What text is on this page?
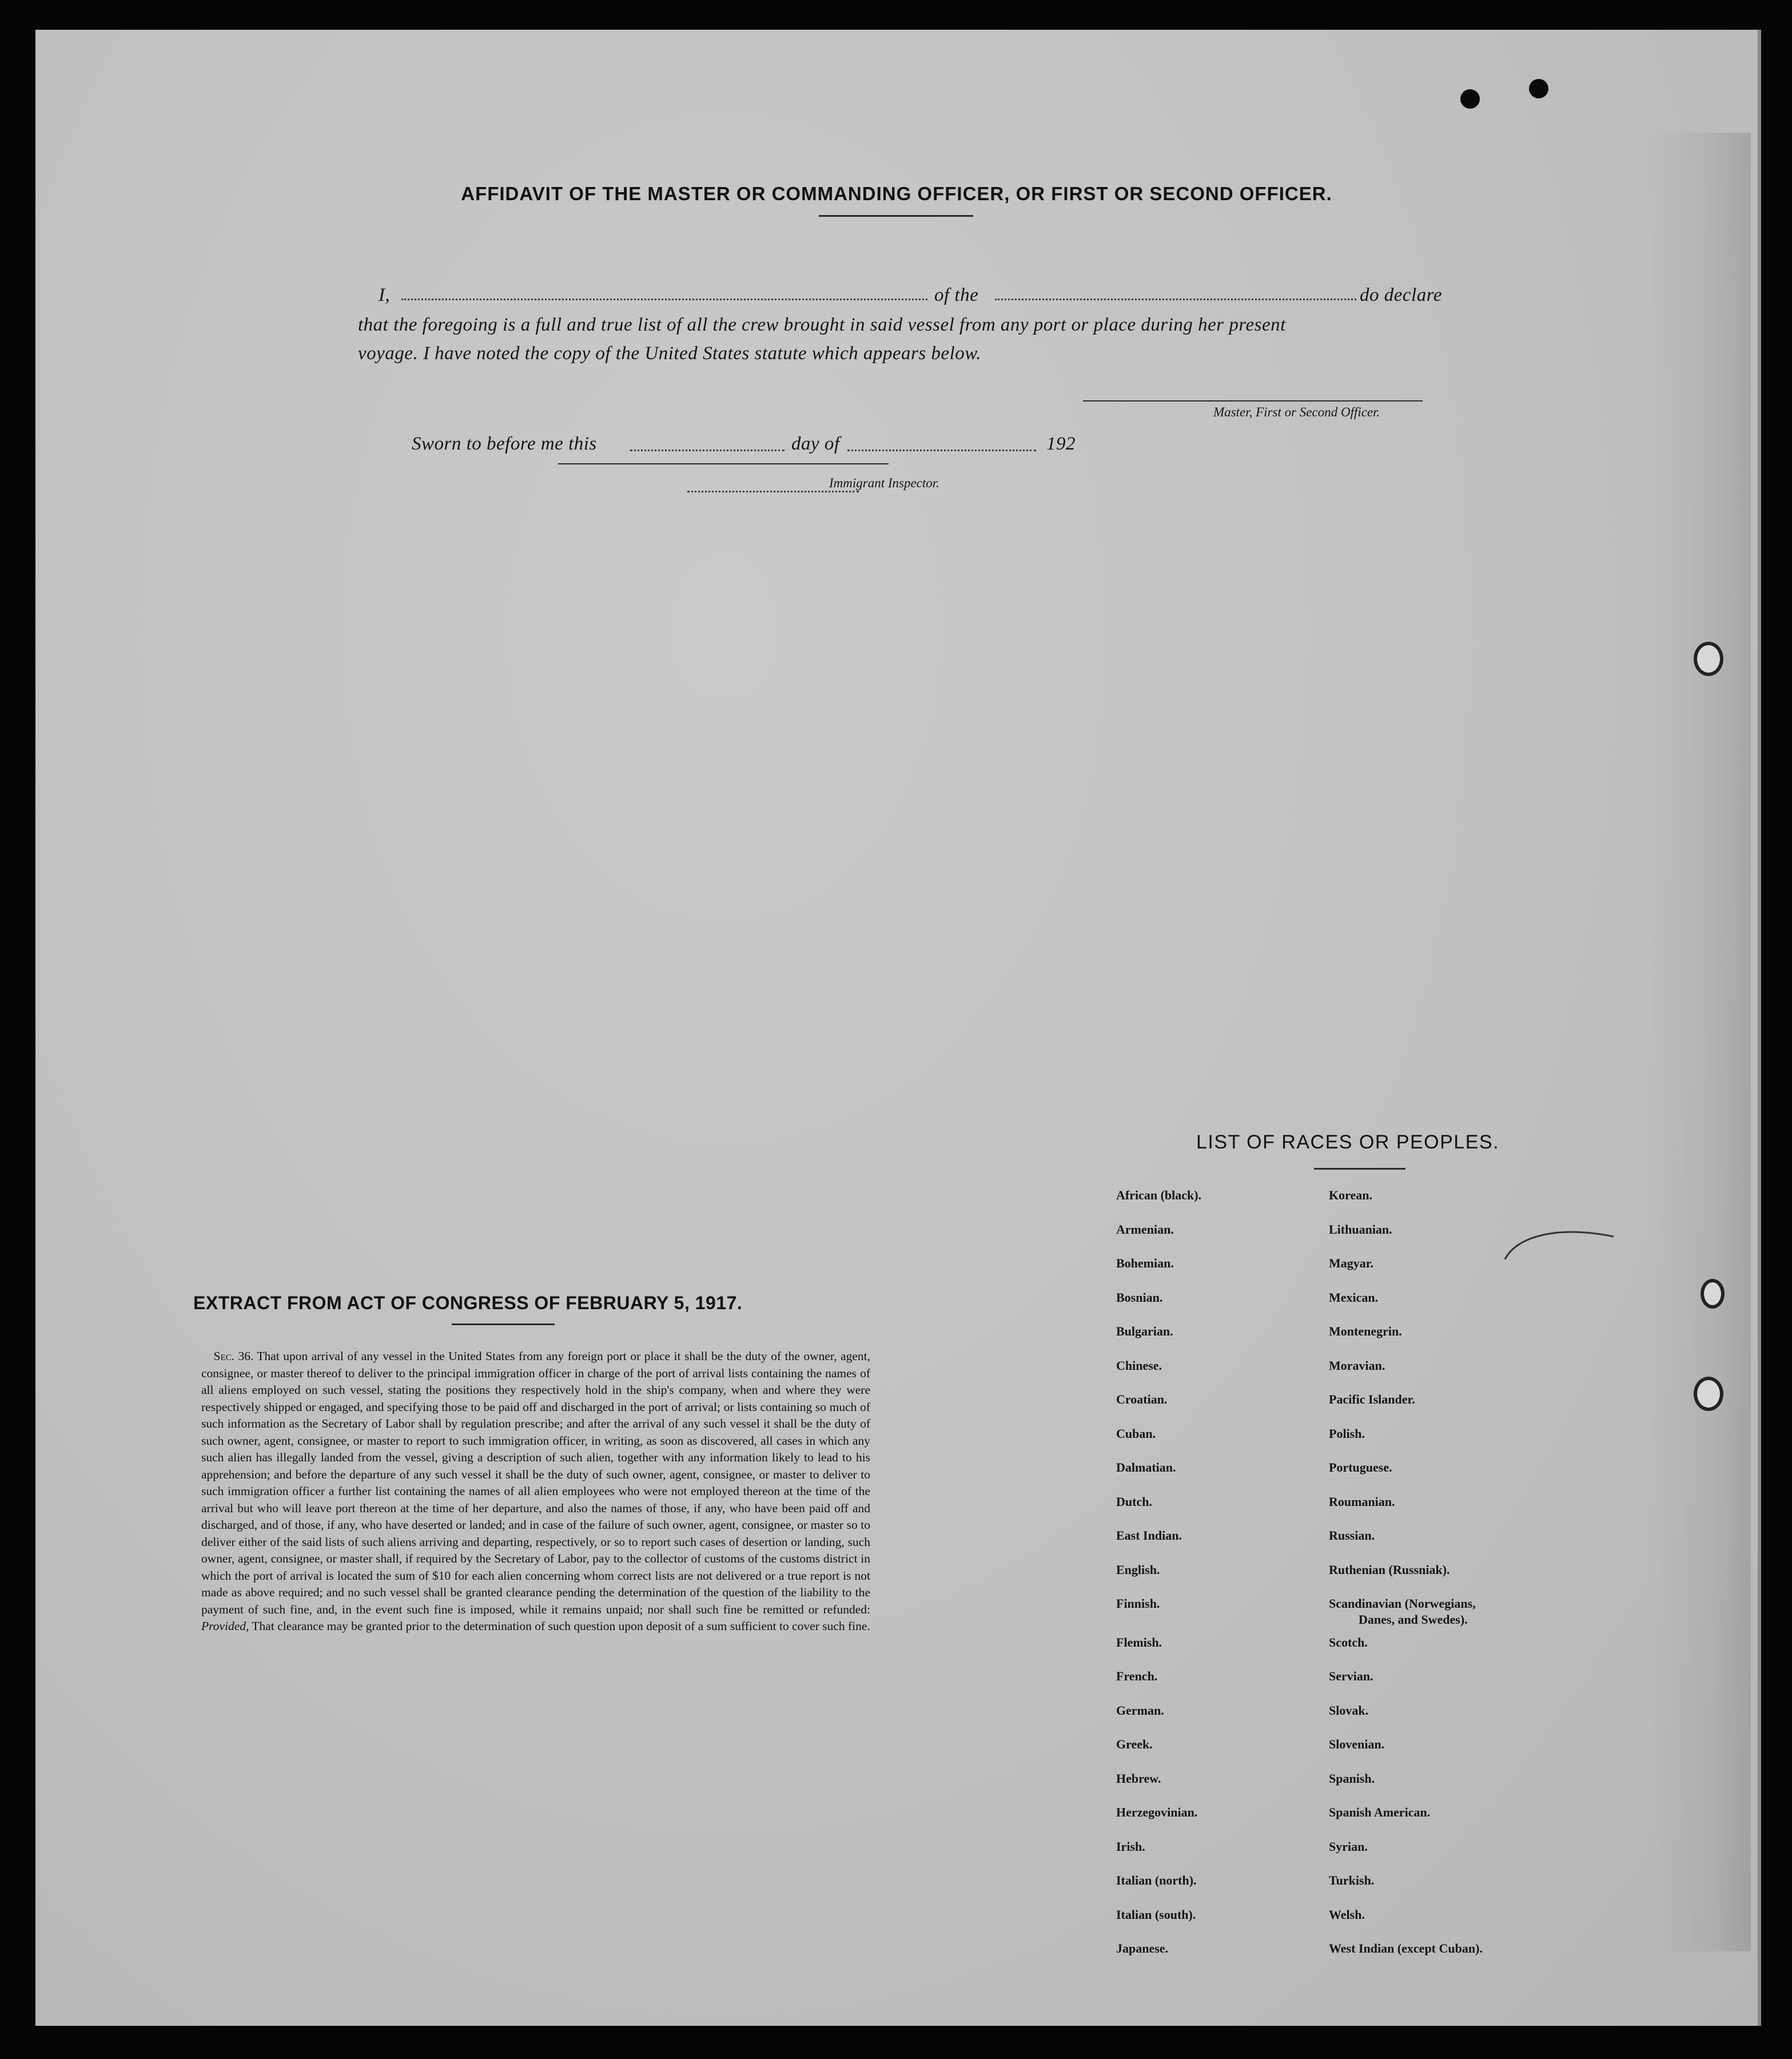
AFFIDAVIT OF THE MASTER OR COMMANDING OFFICER, OR FIRST OR SECOND OFFICER.
I,	of the	do declare
that the foregoing is a full and true list of all the crew brought in said vessel from any port or place during her present
voyage. I have noted the copy of the United States statute which appears below.
Master, First or Second Officer.
Sworn to before me this	day of	192
Immigrant Inspector.
EXTRACT FROM ACT OF CONGRESS OF FEBRUARY 5, 1917.
 Sec. 36. That upon arrival of any vessel in the United States from any foreign port or place it shall be the duty of the owner, agent, consignee, or master thereof to deliver to the principal immigration officer in charge of the port of arrival lists containing the names of all aliens employed on such vessel, stating the positions they respectively hold in the ship's company, when and where they were respectively shipped or engaged, and specifying those to be paid off and discharged in the port of arrival; or lists containing so much of such information as the Secretary of Labor shall by regulation prescribe; and after the arrival of any such vessel it shall be the duty of such owner, agent, consignee, or master to report to such immigration officer, in writing, as soon as discovered, all cases in which any such alien has illegally landed from the vessel, giving a description of such alien, together with any information likely to lead to his apprehension; and before the departure of any such vessel it shall be the duty of such owner, agent, consignee, or master to deliver to such immigration officer a further list containing the names of all alien employees who were not employed thereon at the time of the arrival but who will leave port thereon at the time of her departure, and also the names of those, if any, who have been paid off and discharged, and of those, if any, who have deserted or landed; and in case of the failure of such owner, agent, consignee, or master so to deliver either of the said lists of such aliens arriving and departing, respectively, or so to report such cases of desertion or landing, such owner, agent, consignee, or master shall, if required by the Secretary of Labor, pay to the collector of customs of the customs district in which the port of arrival is located the sum of $10 for each alien concerning whom correct lists are not delivered or a true report is not made as above required; and no such vessel shall be granted clearance pending the determination of the question of the liability to the payment of such fine, and, in the event such fine is imposed, while it remains unpaid; nor shall such fine be remitted or refunded: Provided, That clearance may be granted prior to the determination of such question upon deposit of a sum sufficient to cover such fine.
LIST OF RACES OR PEOPLES.
African (black).
Armenian.
Bohemian.
Bosnian.
Bulgarian.
Chinese.
Croatian.
Cuban.
Dalmatian.
Dutch.
East Indian.
English.
Finnish.
Flemish.
French.
German.
Greek.
Hebrew.
Herzegovinian.
Irish.
Italian (north).
Italian (south).
Japanese.
Korean.
Lithuanian.
Magyar.
Mexican.
Montenegrin.
Moravian.
Pacific Islander.
Polish.
Portuguese.
Roumanian.
Russian.
Ruthenian (Russniak).
Scandinavian (Norwegians,
Danes, and Swedes).
Scotch.
Servian.
Slovak.
Slovenian.
Spanish.
Spanish American.
Syrian.
Turkish.
Welsh.
West Indian (except Cuban).
